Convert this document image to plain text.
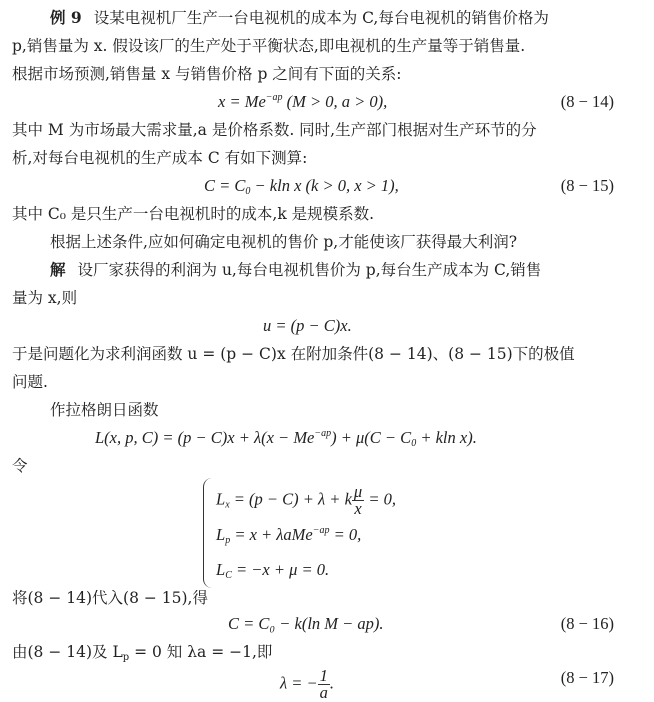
例 9 设某电视机厂生产一台电视机的成本为 C,每台电视机的销售价格为
p,销售量为 x. 假设该厂的生产处于平衡状态,即电视机的生产量等于销售量.
根据市场预测,销售量 x 与销售价格 p 之间有下面的关系:
$x = Me^{-ap}$ (M > 0, a > 0),	(8 − 14)
其中 M 为市场最大需求量,a 是价格系数. 同时,生产部门根据对生产环节的分
析,对每台电视机的生产成本 C 有如下测算:
$C = C_0 - kln$ x (k > 0, x > 1),	(8 − 15)
其中 C₀ 是只生产一台电视机时的成本,k 是规模系数.
根据上述条件,应如何确定电视机的售价 p,才能使该厂获得最大利润?
解 设厂家获得的利润为 u,每台电视机售价为 p,每台生产成本为 C,销售
量为 x,则
u = (p − C)x.
于是问题化为求利润函数 u = (p − C)x 在附加条件(8 − 14)、(8 − 15)下的极值
问题.
作拉格朗日函数
L(x, p, $C) = (p - C)x + \lambda(x - Me^{-ap}) + \mu(C - C_0 + kln$ x).
令
$L_x = (p - C) + \lambda + k \frac{\mu}{x} = 0$,
$L_p = x + \lambda aMe^{-ap} = 0$,
$L_C = -x + \mu = 0$.
将(8 − 14)代入(8 − 15),得
C = C₀ − k(ln M − ap).	(8 − 16)
由(8 − 14)及 $L_p = 0$ 知 λa = −1,即
λ = − $\frac{1}{a}$ .	(8 − 17)
